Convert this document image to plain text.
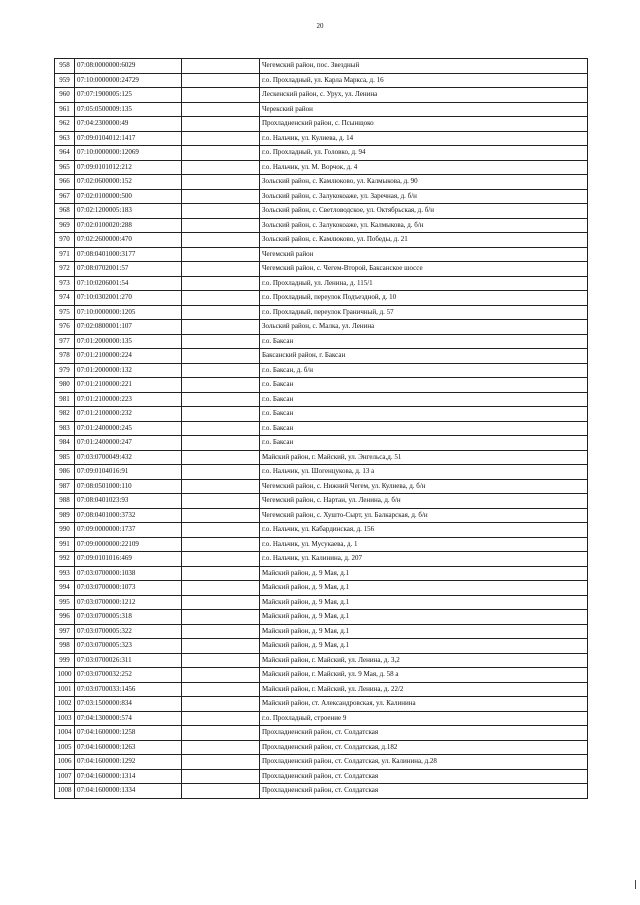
20
958	07:08:0000000:6029		Чегемский район, пос. Звездный
959	07:10:0000000:24729		г.о. Прохладный, ул. Карла Маркса, д. 16
960	07:07:1900005:125		Лескенский район, с. Урух, ул. Ленина
961	07:05:0500009:135		Черекский район
962	07:04:2300000:49		Прохладненский район, с. Псынщоко
963	07:09:0104012:1417		г.о. Нальчик, ул. Кулиева, д. 14
964	07:10:0000000:12069		г.о. Прохладный, ул. Головко, д. 94
965	07:09:0101012:212		г.о. Нальчик, ул. М. Ворчок, д. 4
966	07:02:0600000:152		Зольский район, с. Камлюково, ул. Калмыкова, д. 90
967	07:02:0100000:500		Зольский район, с. Залукокоаже, ул. Заречная, д. б/н
968	07:02:1200005:183		Зольский район, с. Светловодское, ул. Октябрьская, д. б/н
969	07:02:0100020:288		Зольский район, с. Залукокоаже, ул. Калмыкова, д. б/н
970	07:02:2600000:470		Зольский район, с. Камлюково, ул. Победы, д. 21
971	07:08:0401000:3177		Чегемский район
972	07:08:0702001:57		Чегемский район, с. Чегем-Второй, Баксанское шоссе
973	07:10:0206001:54		г.о. Прохладный, ул. Ленина, д. 115/1
974	07:10:0302001:270		г.о. Прохладный, переулок Подъездной, д. 10
975	07:10:0000000:1205		г.о. Прохладный, переулок Граничный, д. 57
976	07:02:0800001:107		Зольский район, с. Малка, ул. Ленина
977	07:01:2000000:135		г.о. Баксан
978	07:01:2100000:224		Баксанский район, г. Баксан
979	07:01:2000000:132		г.о. Баксан, д. б/н
980	07:01:2100000:221		г.о. Баксан
981	07:01:2100000:223		г.о. Баксан
982	07:01:2100000:232		г.о. Баксан
983	07:01:2400000:245		г.о. Баксан
984	07:01:2400000:247		г.о. Баксан
985	07:03:0700049:432		Майский район, г. Майский, ул. Энгельса,д. 51
986	07:09:0104016:91		г.о. Нальчик, ул. Шогенцукова, д. 13 а
987	07:08:0501000:110		Чегемский район, с. Нижний Чегем, ул. Кулиева, д. б/н
988	07:08:0401023:93		Чегемский район, с. Нартан, ул. Ленина, д. б/н
989	07:08:0401000:3732		Чегемский район, с. Хушто-Сырт, ул. Балкарская, д. б/н
990	07:09:0000000:1737		г.о. Нальчик, ул. Кабардинская, д. 156
991	07:09:0000000:22109		г.о. Нальчик, ул. Мусукаева, д. 1
992	07:09:0101016:469		г.о. Нальчик, ул. Калинина, д. 207
993	07:03:0700000:1038		Майский район, д. 9 Мая, д.1
994	07:03:0700000:1073		Майский район, д. 9 Мая, д.1
995	07:03:0700000:1212		Майский район, д. 9 Мая, д.1
996	07:03:0700005:318		Майский район, д. 9 Мая, д.1
997	07:03:0700005:322		Майский район, д. 9 Мая, д.1
998	07:03:0700005:323		Майский район, д. 9 Мая, д.1
999	07:03:0700026:311		Майский район, г. Майский, ул. Ленина, д. 3,2
1000	07:03:0700032:252		Майский район, г. Майский, ул. 9 Мая, д. 58 а
1001	07:03:0700033:1456		Майский район, г. Майский, ул. Ленина, д. 22/2
1002	07:03:1500000:834		Майский район, ст. Александровская, ул. Калинина
1003	07:04:1300000:574		г.о. Прохладный, строение 9
1004	07:04:1600000:1258		Прохладненский район, ст. Солдатская
1005	07:04:1600000:1263		Прохладненский район, ст. Солдатская, д.182
1006	07:04:1600000:1292		Прохладненский район, ст. Солдатская, ул. Калинина, д.28
1007	07:04:1600000:1314		Прохладненский район, ст. Солдатская
1008	07:04:1600000:1334		Прохладненский район, ст. Солдатская
